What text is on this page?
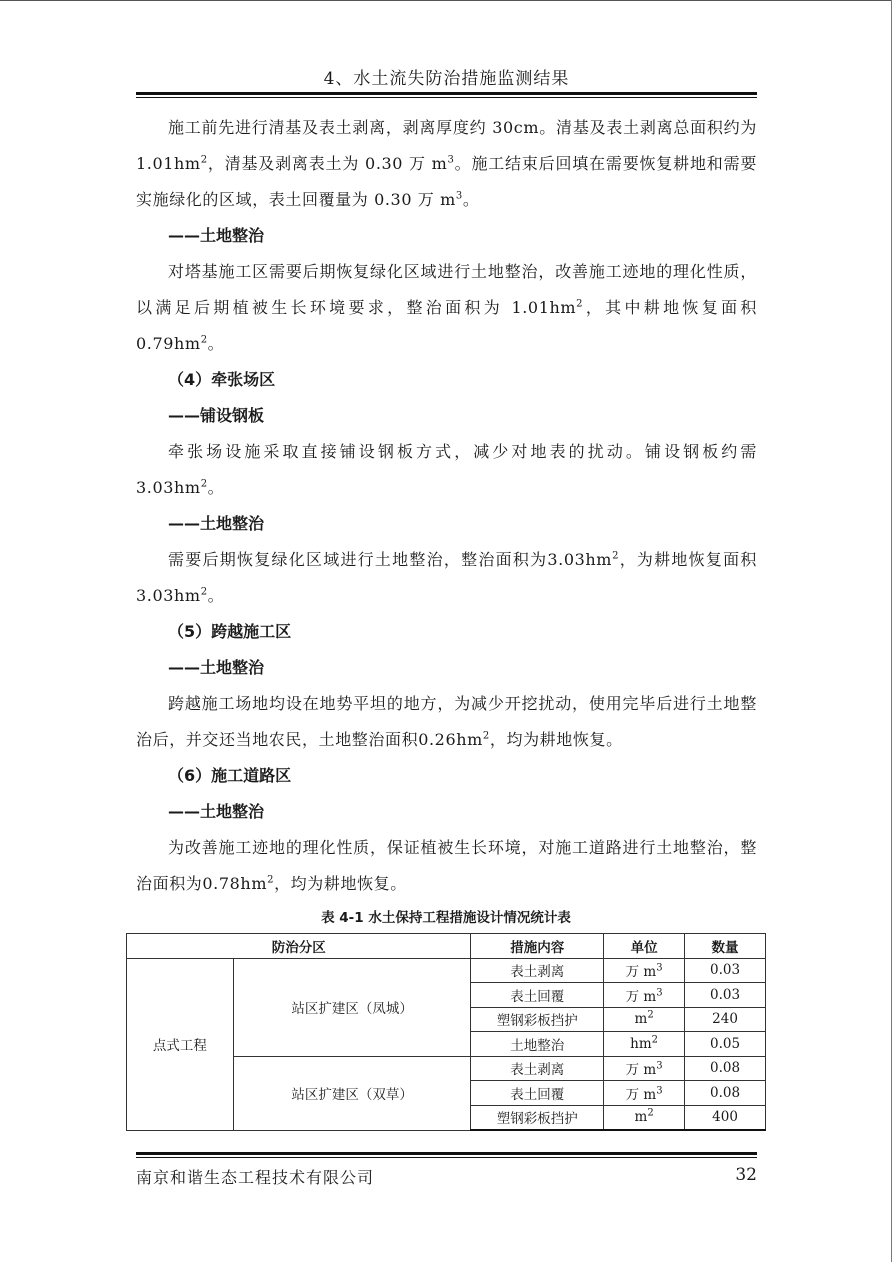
4、水土流失防治措施监测结果

施工前先进行清基及表土剥离，剥离厚度约 30cm。清基及表土剥离总面积约为 $1.01hm^2$，清基及剥离表土为 0.30 万 $m^3$。施工结束后回填在需要恢复耕地和需要实施绿化的区域，表土回覆量为 0.30 万 $m^3$。

——土地整治

对塔基施工区需要后期恢复绿化区域进行土地整治，改善施工迹地的理化性质，以满足后期植被生长环境要求，整治面积为 $1.01hm^2$，其中耕地恢复面积 $0.79hm^2$。

（4）牵张场区

——铺设钢板

牵张场设施采取直接铺设钢板方式，减少对地表的扰动。铺设钢板约需 $3.03hm^2$。

——土地整治

需要后期恢复绿化区域进行土地整治，整治面积为$3.03hm^2$，为耕地恢复面积$3.03hm^2$。

（5）跨越施工区

——土地整治

跨越施工场地均设在地势平坦的地方，为减少开挖扰动，使用完毕后进行土地整治后，并交还当地农民，土地整治面积$0.26hm^2$，均为耕地恢复。

（6）施工道路区

——土地整治

为改善施工迹地的理化性质，保证植被生长环境，对施工道路进行土地整治，整治面积为$0.78hm^2$，均为耕地恢复。

表 4-1 水土保持工程措施设计情况统计表
防治分区		措施内容	单位	数量
点式工程	站区扩建区（凤城）	表土剥离	万 $m^3$	0.03
		表土回覆	万 $m^3$	0.03
		塑钢彩板挡护	$m^2$	240
		土地整治	$hm^2$	0.05
	站区扩建区（双草）	表土剥离	万 $m^3$	0.08
		表土回覆	万 $m^3$	0.08
		塑钢彩板挡护	$m^2$	400
南京和谐生态工程技术有限公司	32
